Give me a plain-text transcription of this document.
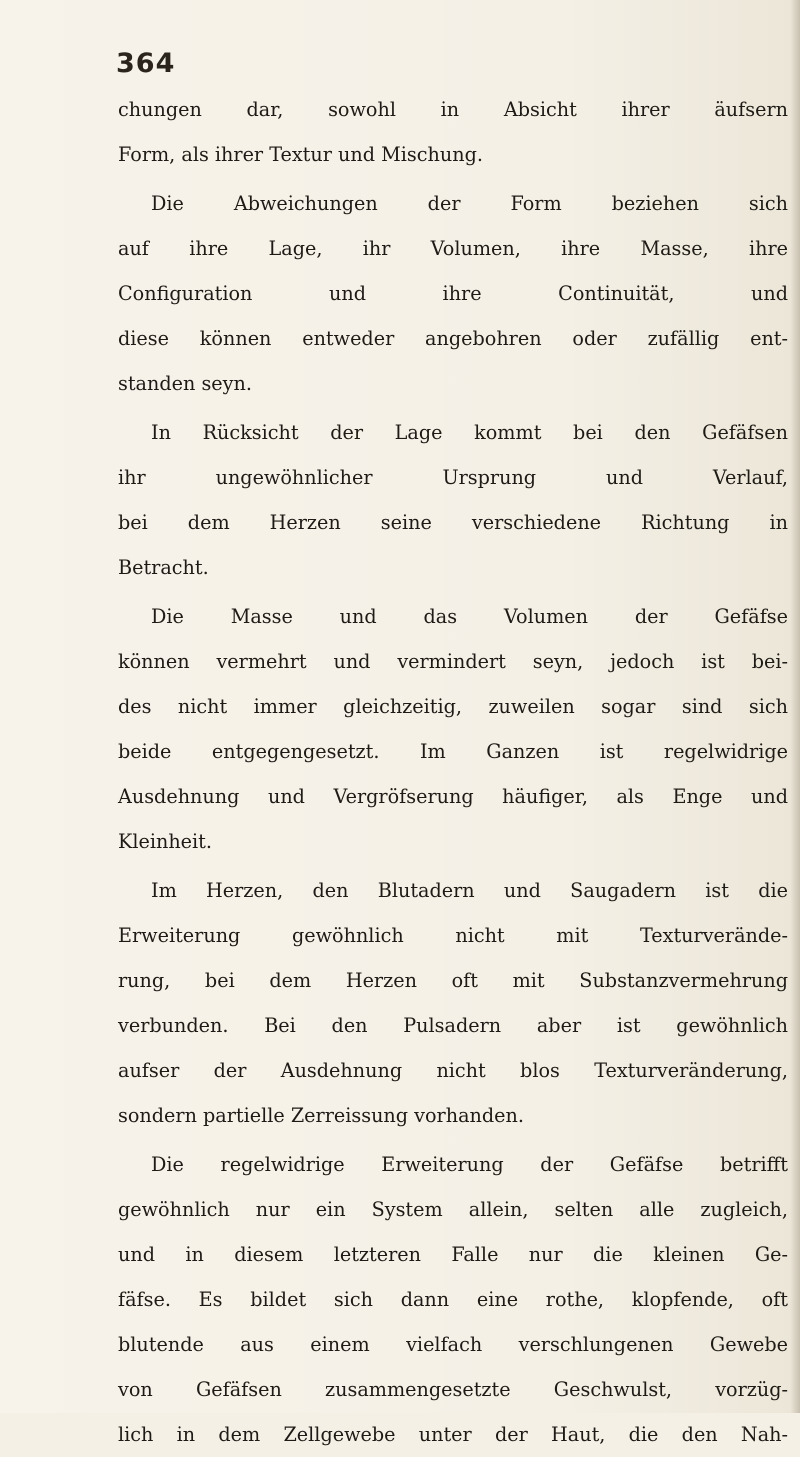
364
chungen dar, sowohl in Absicht ihrer äufsern
Form, als ihrer Textur und Mischung.
Die Abweichungen der Form beziehen sich
auf ihre Lage, ihr Volumen, ihre Masse, ihre
Configuration und ihre Continuität, und
diese können entweder angebohren oder zufällig ent-
standen seyn.
In Rücksicht der Lage kommt bei den Gefäfsen
ihr ungewöhnlicher Ursprung und Verlauf,
bei dem Herzen seine verschiedene Richtung in
Betracht.
Die Masse und das Volumen der Gefäfse
können vermehrt und vermindert seyn, jedoch ist bei-
des nicht immer gleichzeitig, zuweilen sogar sind sich
beide entgegengesetzt. Im Ganzen ist regelwidrige
Ausdehnung und Vergröfserung häufiger, als Enge und
Kleinheit.
Im Herzen, den Blutadern und Saugadern ist die
Erweiterung gewöhnlich nicht mit Texturverände-
rung, bei dem Herzen oft mit Substanzvermehrung
verbunden. Bei den Pulsadern aber ist gewöhnlich
aufser der Ausdehnung nicht blos Texturveränderung,
sondern partielle Zerreissung vorhanden.
Die regelwidrige Erweiterung der Gefäfse betrifft
gewöhnlich nur ein System allein, selten alle zugleich,
und in diesem letzteren Falle nur die kleinen Ge-
fäfse. Es bildet sich dann eine rothe, klopfende, oft
blutende aus einem vielfach verschlungenen Gewebe
von Gefäfsen zusammengesetzte Geschwulst, vorzüg-
lich in dem Zellgewebe unter der Haut, die den Nah-
